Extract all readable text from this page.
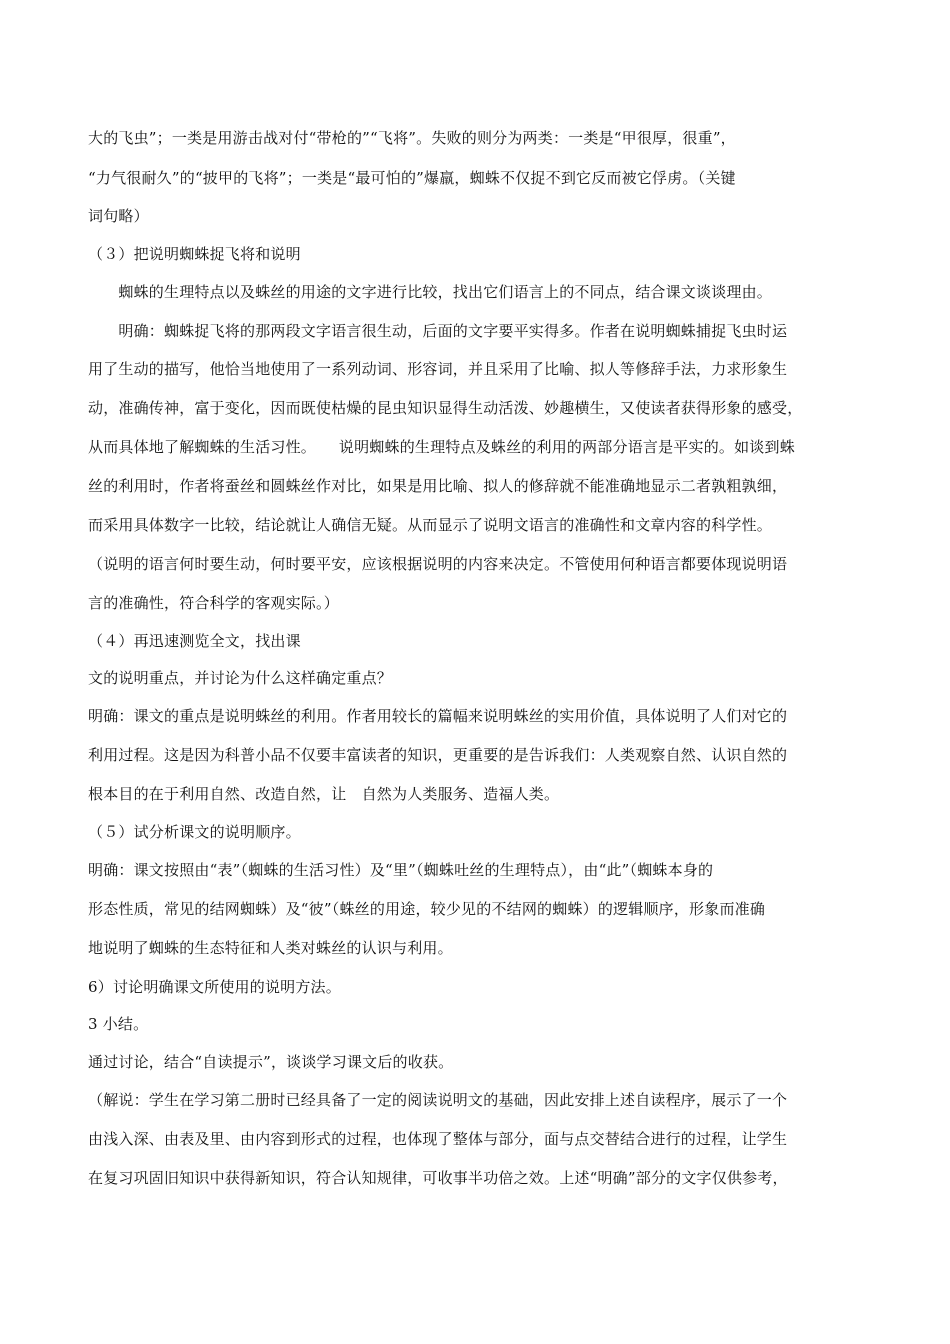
大的飞虫”；一类是用游击战对付“带枪的”“飞将”。失败的则分为两类：一类是“甲很厚，很重”，
“力气很耐久”的“披甲的飞将”；一类是“最可怕的”爆羸，蜘蛛不仅捉不到它反而被它俘虏。（关键
词句略）
（３）把说明蜘蛛捉飞将和说明
　　蜘蛛的生理特点以及蛛丝的用途的文字进行比较，找出它们语言上的不同点，结合课文谈谈理由。
　　明确：蜘蛛捉飞将的那两段文字语言很生动，后面的文字要平实得多。作者在说明蜘蛛捕捉飞虫时运
用了生动的描写，他恰当地使用了一系列动词、形容词，并且采用了比喻、拟人等修辞手法，力求形象生
动，准确传神，富于变化，因而既使枯燥的昆虫知识显得生动活泼、妙趣横生，又使读者获得形象的感受，
从而具体地了解蜘蛛的生活习性。　　说明蜘蛛的生理特点及蛛丝的利用的两部分语言是平实的。如谈到蛛
丝的利用时，作者将蚕丝和圆蛛丝作对比，如果是用比喻、拟人的修辞就不能准确地显示二者孰粗孰细，
而采用具体数字一比较，结论就让人确信无疑。从而显示了说明文语言的准确性和文章内容的科学性。
（说明的语言何时要生动，何时要平安，应该根据说明的内容来决定。不管使用何种语言都要体现说明语
言的准确性，符合科学的客观实际。）
（４）再迅速测览全文，找出课
文的说明重点，并讨论为什么这样确定重点？
明确：课文的重点是说明蛛丝的利用。作者用较长的篇幅来说明蛛丝的实用价值，具体说明了人们对它的
利用过程。这是因为科普小品不仅要丰富读者的知识，更重要的是告诉我们：人类观察自然、认识自然的
根本目的在于利用自然、改造自然，让　自然为人类服务、造福人类。
（５）试分析课文的说明顺序。
明确：课文按照由“表”（蜘蛛的生活习性）及“里”（蜘蛛吐丝的生理特点），由“此”（蜘蛛本身的
形态性质，常见的结网蜘蛛）及“彼”（蛛丝的用途，较少见的不结网的蜘蛛）的逻辑顺序，形象而准确
地说明了蜘蛛的生态特征和人类对蛛丝的认识与利用。
6）讨论明确课文所使用的说明方法。
3 小结。
通过讨论，结合“自读提示”，谈谈学习课文后的收获。
（解说：学生在学习第二册时已经具备了一定的阅读说明文的基础，因此安排上述自读程序，展示了一个
由浅入深、由表及里、由内容到形式的过程，也体现了整体与部分，面与点交替结合进行的过程，让学生
在复习巩固旧知识中获得新知识，符合认知规律，可收事半功倍之效。上述“明确”部分的文字仅供参考，
